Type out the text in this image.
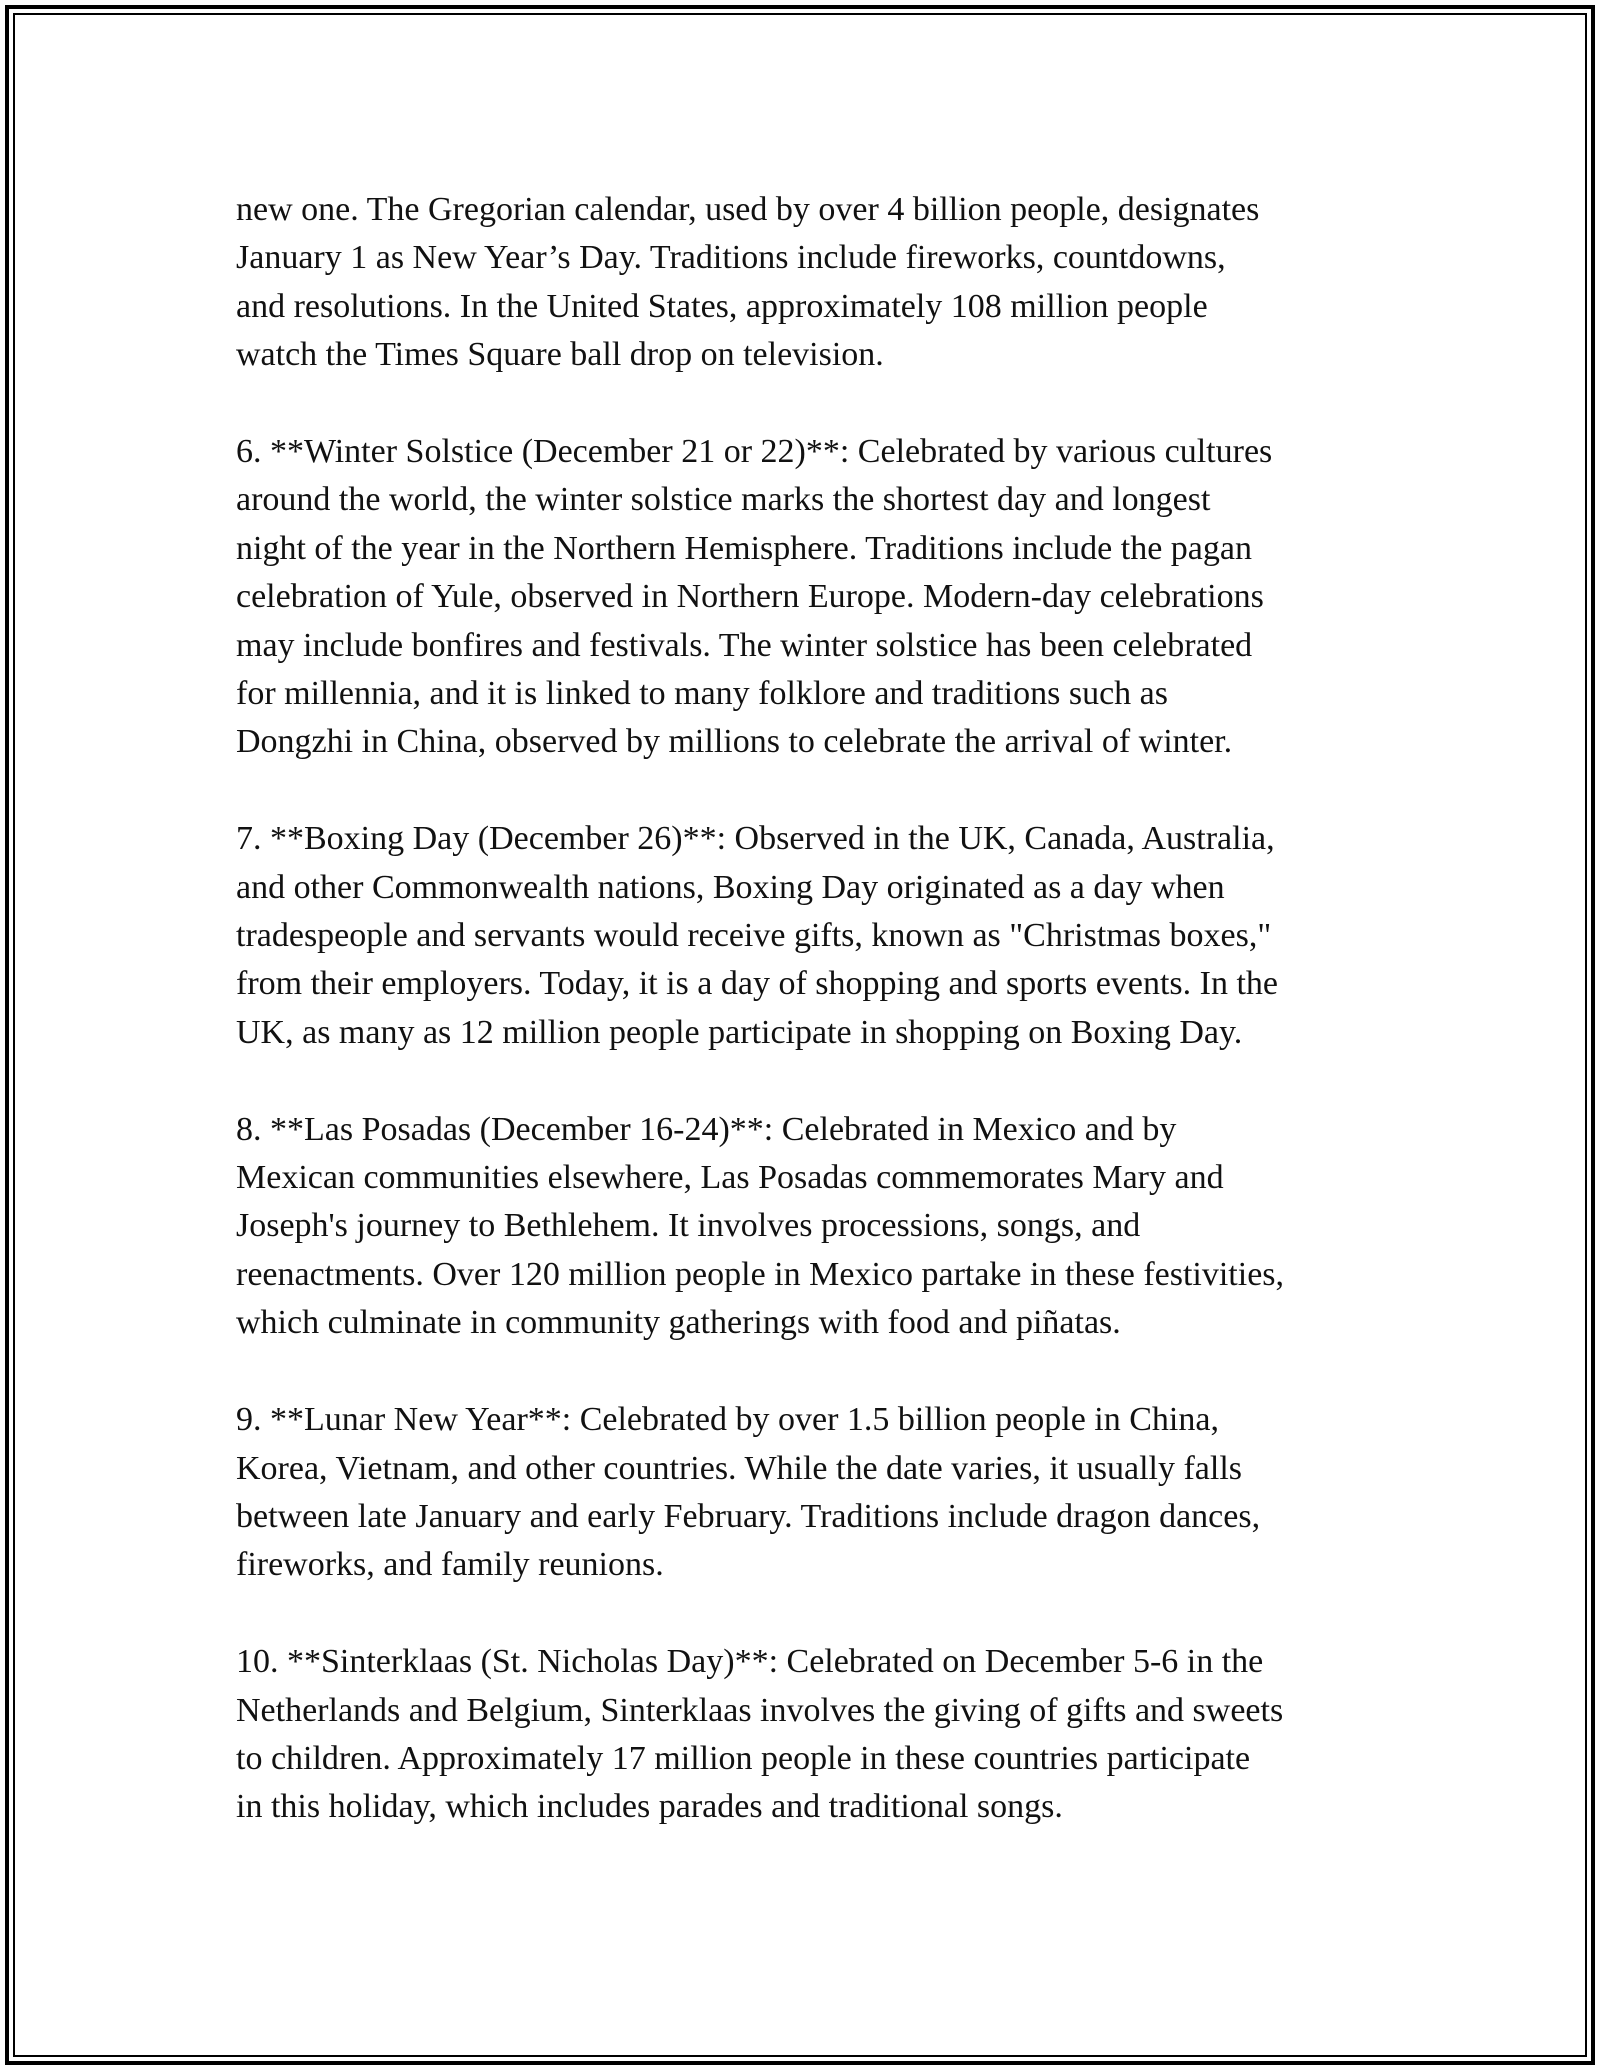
new one. The Gregorian calendar, used by over 4 billion people, designates
January 1 as New Year’s Day. Traditions include fireworks, countdowns,
and resolutions. In the United States, approximately 108 million people
watch the Times Square ball drop on television.

6. **Winter Solstice (December 21 or 22)**: Celebrated by various cultures
around the world, the winter solstice marks the shortest day and longest
night of the year in the Northern Hemisphere. Traditions include the pagan
celebration of Yule, observed in Northern Europe. Modern-day celebrations
may include bonfires and festivals. The winter solstice has been celebrated
for millennia, and it is linked to many folklore and traditions such as
Dongzhi in China, observed by millions to celebrate the arrival of winter.

7. **Boxing Day (December 26)**: Observed in the UK, Canada, Australia,
and other Commonwealth nations, Boxing Day originated as a day when
tradespeople and servants would receive gifts, known as "Christmas boxes,"
from their employers. Today, it is a day of shopping and sports events. In the
UK, as many as 12 million people participate in shopping on Boxing Day.

8. **Las Posadas (December 16-24)**: Celebrated in Mexico and by
Mexican communities elsewhere, Las Posadas commemorates Mary and
Joseph's journey to Bethlehem. It involves processions, songs, and
reenactments. Over 120 million people in Mexico partake in these festivities,
which culminate in community gatherings with food and piñatas.

9. **Lunar New Year**: Celebrated by over 1.5 billion people in China,
Korea, Vietnam, and other countries. While the date varies, it usually falls
between late January and early February. Traditions include dragon dances,
fireworks, and family reunions.

10. **Sinterklaas (St. Nicholas Day)**: Celebrated on December 5-6 in the
Netherlands and Belgium, Sinterklaas involves the giving of gifts and sweets
to children. Approximately 17 million people in these countries participate
in this holiday, which includes parades and traditional songs.
